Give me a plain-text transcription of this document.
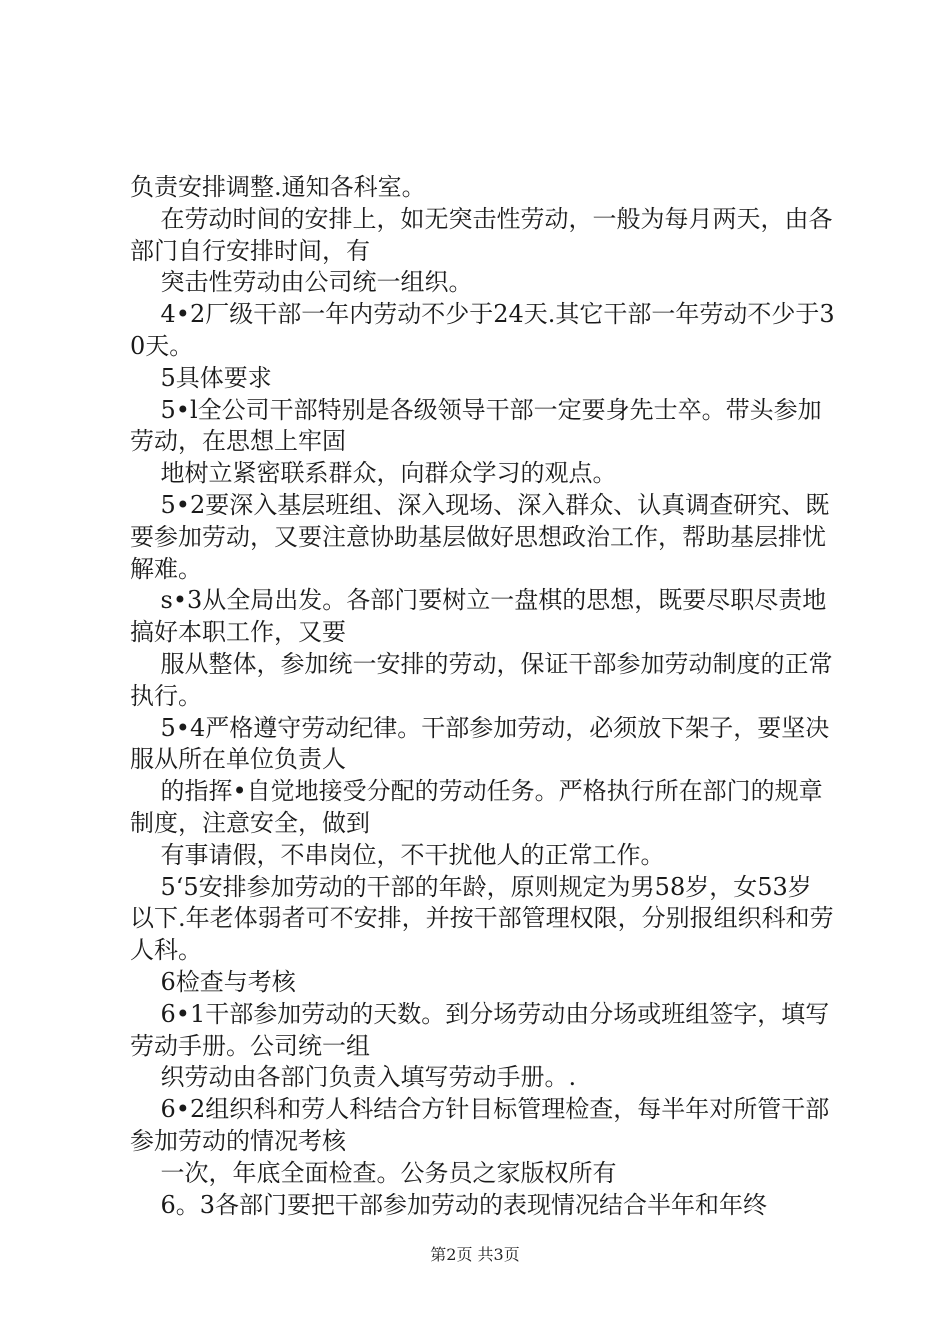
负责安排调整.通知各科室。

在劳动时间的安排上，如无突击性劳动，一般为每月两天，由各部门自行安排时间，有

突击性劳动由公司统一组织。

4•2厂级干部一年内劳动不少于24天.其它干部一年劳动不少于30天。

5具体要求

5•l全公司干部特别是各级领导干部一定要身先士卒。带头参加劳动，在思想上牢固

地树立紧密联系群众，向群众学习的观点。

5•2要深入基层班组、深入现场、深入群众、认真调查研究、既要参加劳动，又要注意协助基层做好思想政治工作，帮助基层排忧解难。

s•3从全局出发。各部门要树立一盘棋的思想，既要尽职尽责地搞好本职工作，又要

服从整体，参加统一安排的劳动，保证干部参加劳动制度的正常执行。

5•4严格遵守劳动纪律。干部参加劳动，必须放下架子，要坚决服从所在单位负责人

的指挥•自觉地接受分配的劳动任务。严格执行所在部门的规章制度，注意安全，做到

有事请假，不串岗位，不干扰他人的正常工作。

5‘5安排参加劳动的干部的年龄，原则规定为男58岁，女53岁以下.年老体弱者可不安排，并按干部管理权限，分别报组织科和劳人科。

6检查与考核

6•1干部参加劳动的天数。到分场劳动由分场或班组签字，填写劳动手册。公司统一组

织劳动由各部门负责入填写劳动手册。.

6•2组织科和劳人科结合方针目标管理检查，每半年对所管干部参加劳动的情况考核

一次，年底全面检查。公务员之家版权所有

6。3各部门要把干部参加劳动的表现情况结合半年和年终

第2页 共3页
